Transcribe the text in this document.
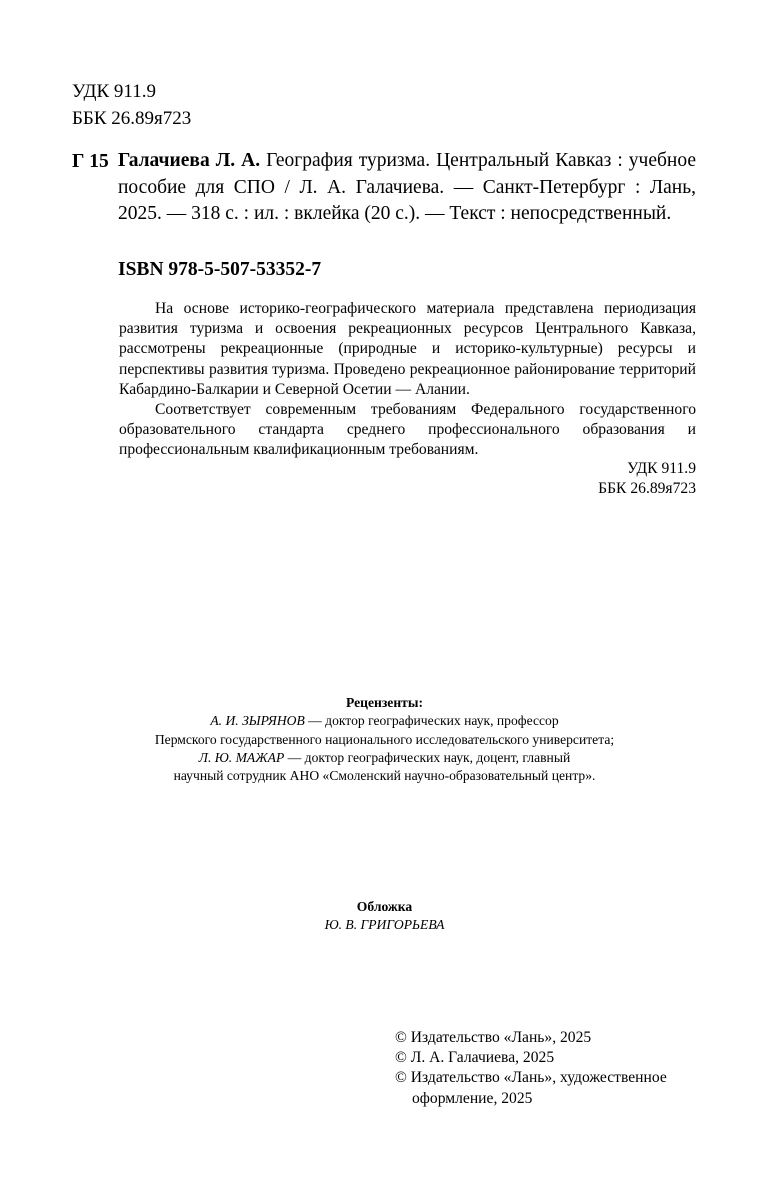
УДК 911.9
ББК 26.89я723
Г 15 Галачиева Л. А. География туризма. Центральный Кавказ : учебное пособие для СПО / Л. А. Галачиева. — Санкт-Петербург : Лань, 2025. — 318 с. : ил. : вклейка (20 с.). — Текст : непосредственный.
ISBN 978-5-507-53352-7

На основе историко-географического материала представлена периодизация развития туризма и освоения рекреационных ресурсов Центрального Кавказа, рассмотрены рекреационные (природные и историко-культурные) ресурсы и перспективы развития туризма. Проведено рекреационное районирование территорий Кабардино-Балкарии и Северной Осетии — Алании.

Соответствует современным требованиям Федерального государственного образовательного стандарта среднего профессионального образования и профессиональным квалификационным требованиям.

УДК 911.9
ББК 26.89я723
Рецензенты:
А. И. ЗЫРЯНОВ — доктор географических наук, профессор
Пермского государственного национального исследовательского университета;
Л. Ю. МАЖАР — доктор географических наук, доцент, главный
научный сотрудник АНО «Смоленский научно-образовательный центр».
Обложка
Ю. В. ГРИГОРЬЕВА
© Издательство «Лань», 2025
© Л. А. Галачиева, 2025
© Издательство «Лань», художественное
оформление, 2025
